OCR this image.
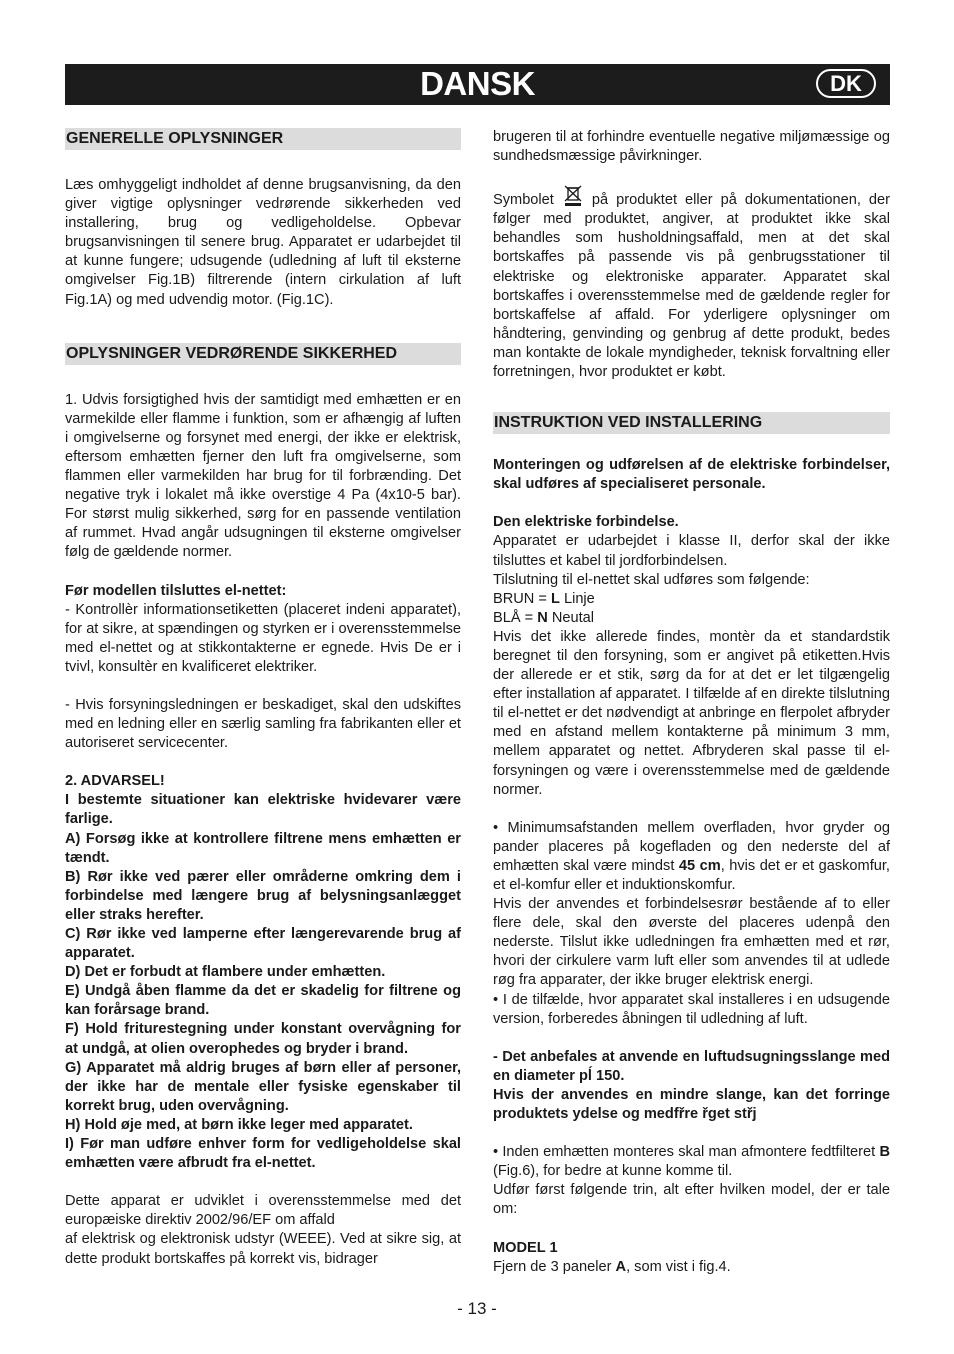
DANSK	DK
GENERELLE OPLYSNINGER

Læs omhyggeligt indholdet af denne brugsanvisning, da den giver vigtige oplysninger vedrørende sikkerheden ved installering, brug og vedligeholdelse. Opbevar brugsanvisningen til senere brug. Apparatet er udarbejdet til at kunne fungere; udsugende (udledning af luft til eksterne omgivelser Fig.1B) filtrerende (intern cirkulation af luft Fig.1A) og med udvendig motor. (Fig.1C).

OPLYSNINGER VEDRØRENDE SIKKERHED

1. Udvis forsigtighed hvis der samtidigt med emhætten er en varmekilde eller flamme i funktion, som er afhængig af luften i omgivelserne og forsynet med energi, der ikke er elektrisk, eftersom emhætten fjerner den luft fra omgivelserne, som flammen eller varmekilden har brug for til forbrænding. Det negative tryk i lokalet må ikke overstige 4 Pa (4x10-5 bar). For størst mulig sikkerhed, sørg for en passende ventilation af rummet. Hvad angår udsugningen til eksterne omgivelser følg de gældende normer.

Før modellen tilsluttes el-nettet:

- Kontrollèr informationsetiketten (placeret indeni apparatet), for at sikre, at spændingen og styrken er i overensstemmelse med el-nettet og at stikkontakterne er egnede. Hvis De er i tvivl, konsultèr en kvalificeret elektriker.

- Hvis forsyningsledningen er beskadiget, skal den udskiftes med en ledning eller en særlig samling fra fabrikanten eller et autoriseret servicecenter.

2. ADVARSEL!

I bestemte situationer kan elektriske hvidevarer være farlige.

A) Forsøg ikke at kontrollere filtrene mens emhætten er tændt.

B) Rør ikke ved pærer eller områderne omkring dem i forbindelse med længere brug af belysningsanlægget eller straks herefter.

C) Rør ikke ved lamperne efter længerevarende brug af apparatet.

D) Det er forbudt at flambere under emhætten.

E) Undgå åben flamme da det er skadelig for filtrene og kan forårsage brand.

F) Hold friturestegning under konstant overvågning for at undgå, at olien overophedes og bryder i brand.

G) Apparatet må aldrig bruges af børn eller af personer, der ikke har de mentale eller fysiske egenskaber til korrekt brug, uden overvågning.

H) Hold øje med, at børn ikke leger med apparatet.

I) Før man udføre enhver form for vedligeholdelse skal emhætten være afbrudt fra el-nettet.

Dette apparat er udviklet i overensstemmelse med det europæiske direktiv 2002/96/EF om affald

af elektrisk og elektronisk udstyr (WEEE). Ved at sikre sig, at dette produkt bortskaffes på korrekt vis, bidrager

brugeren til at forhindre eventuelle negative miljømæssige og sundhedsmæssige påvirkninger.

Symbolet	på produktet eller på dokumentationen, der følger med produktet, angiver, at produktet ikke skal behandles som husholdningsaffald, men at det skal bortskaffes på passende vis på genbrugsstationer til elektriske og elektroniske apparater. Apparatet skal bortskaffes i overensstemmelse med de gældende regler for bortskaffelse af affald. For yderligere oplysninger om håndtering, genvinding og genbrug af dette produkt, bedes man kontakte de lokale myndigheder, teknisk forvaltning eller forretningen, hvor produktet er købt.

INSTRUKTION VED INSTALLERING

Monteringen og udførelsen af de elektriske forbindelser, skal udføres af specialiseret personale.

Den elektriske forbindelse.

Apparatet er udarbejdet i klasse II, derfor skal der ikke tilsluttes et kabel til jordforbindelsen.

Tilslutning til el-nettet skal udføres som følgende:

BRUN = L Linje

BLÅ = N Neutal

Hvis det ikke allerede findes, montèr da et standardstik beregnet til den forsyning, som er angivet på etiketten.Hvis der allerede er et stik, sørg da for at det er let tilgængelig efter installation af apparatet. I tilfælde af en direkte tilslutning til el-nettet er det nødvendigt at anbringe en flerpolet afbryder med en afstand mellem kontakterne på minimum 3 mm, mellem apparatet og nettet. Afbryderen skal passe til el- forsyningen og være i overensstemmelse med de gældende normer.

• Minimumsafstanden mellem overfladen, hvor gryder og pander placeres på kogefladen og den nederste del af emhætten skal være mindst 45 cm, hvis det er et gaskomfur, et el-komfur eller et induktionskomfur.

Hvis der anvendes et forbindelsesrør bestående af to eller flere dele, skal den øverste del placeres udenpå den nederste. Tilslut ikke udledningen fra emhætten med et rør, hvori der cirkulere varm luft eller som anvendes til at udlede røg fra apparater, der ikke bruger elektrisk energi.

• I de tilfælde, hvor apparatet skal installeres i en udsugende version, forberedes åbningen til udledning af luft.

- Det anbefales at anvende en luftudsugningsslange med en diameter pĺ 150.

Hvis der anvendes en mindre slange, kan det forringe produktets ydelse og medfřre řget střj

• Inden emhætten monteres skal man afmontere fedtfilteret B (Fig.6), for bedre at kunne komme til.

Udfør først følgende trin, alt efter hvilken model, der er tale om:

MODEL 1

Fjern de 3 paneler A, som vist i fig.4.

- 13 -
